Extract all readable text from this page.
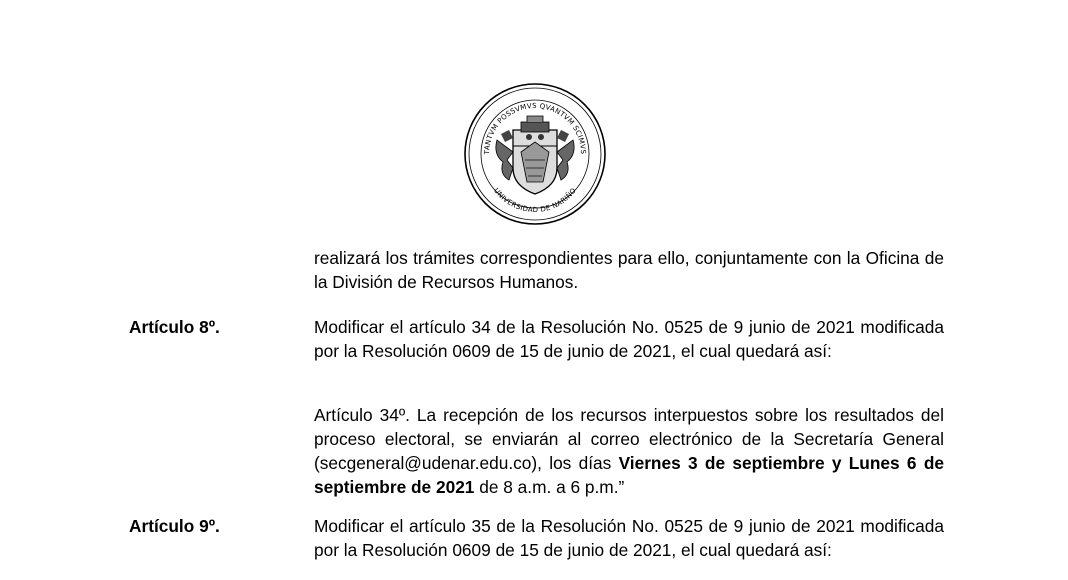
TANTVM POSSVMVS QVANTVM SCIMVS
UNIVERSIDAD DE NARIÑO

realizará los trámites correspondientes para ello, conjuntamente con la Oficina de la División de Recursos Humanos.

Artículo 8º.	Modificar el artículo 34 de la Resolución No. 0525 de 9 junio de 2021 modificada por la Resolución 0609 de 15 de junio de 2021, el cual quedará así:

Artículo 34º. La recepción de los recursos interpuestos sobre los resultados del proceso electoral, se enviarán al correo electrónico de la Secretaría General (secgeneral@udenar.edu.co), los días Viernes 3 de septiembre y Lunes 6 de septiembre de 2021 de 8 a.m. a 6 p.m.”

Artículo 9º.	Modificar el artículo 35 de la Resolución No. 0525 de 9 junio de 2021 modificada por la Resolución 0609 de 15 de junio de 2021, el cual quedará así:
